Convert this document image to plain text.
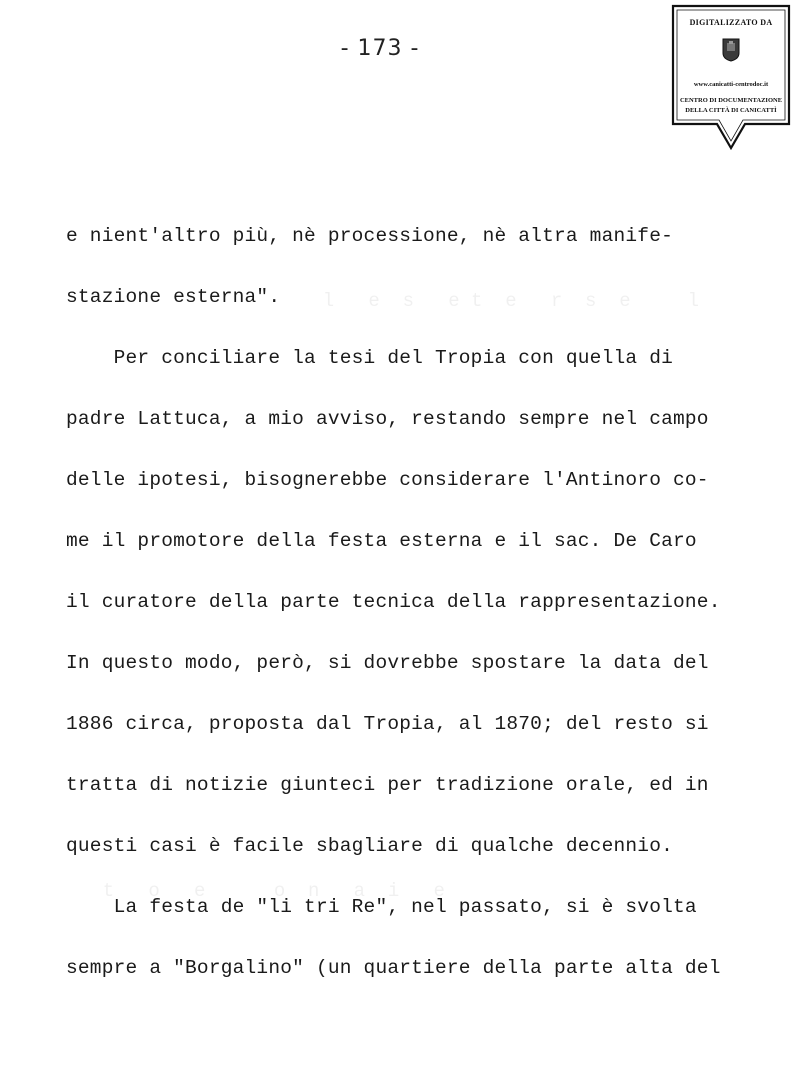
- 173 -
DIGITALIZZATO DA
www.canicatti-centrodoc.it
CENTRO DI DOCUMENTAZIONE
DELLA CITTÀ DI CANICATTÌ
l   e  s   e t  e   r  s  e     l
t   o   e      o  n   a  i   e
e nient'altro più, nè processione, nè altra manife-
stazione esterna".
Per conciliare la tesi del Tropia con quella di
padre Lattuca, a mio avviso, restando sempre nel campo
delle ipotesi, bisognerebbe considerare l'Antinoro co-
me il promotore della festa esterna e il sac. De Caro
il curatore della parte tecnica della rappresentazione.
In questo modo, però, si dovrebbe spostare la data del
1886 circa, proposta dal Tropia, al 1870; del resto si
tratta di notizie giunteci per tradizione orale, ed in
questi casi è facile sbagliare di qualche decennio.
La festa de "li tri Re", nel passato, si è svolta
sempre a "Borgalino" (un quartiere della parte alta del
